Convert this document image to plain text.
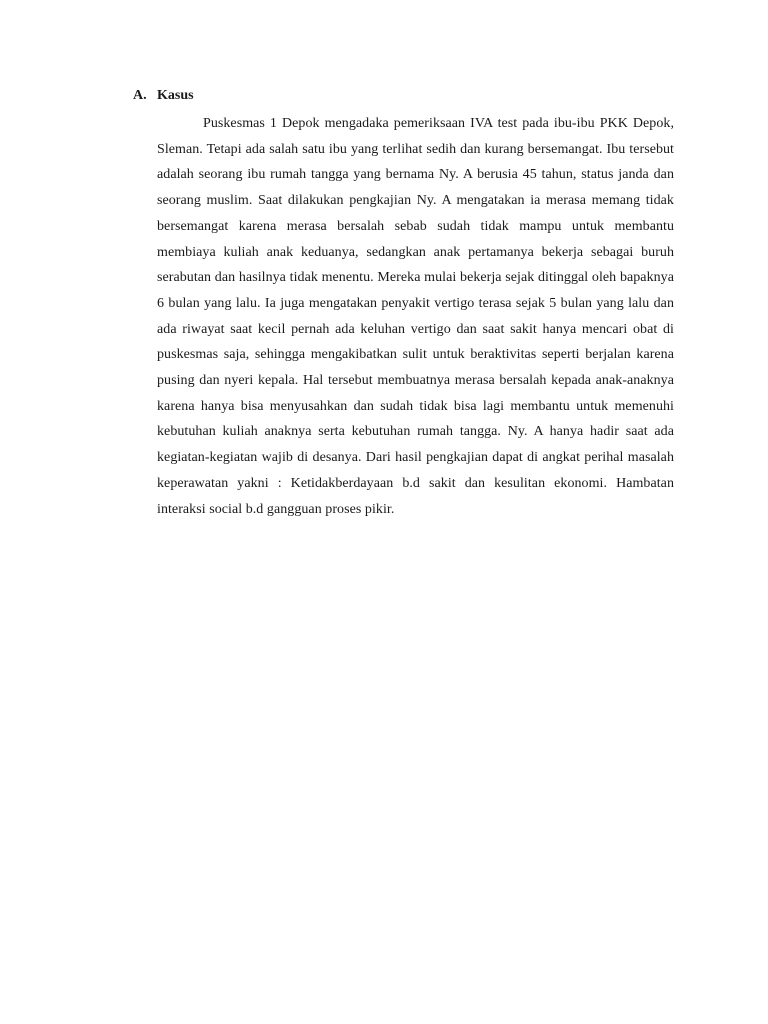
A. Kasus

Puskesmas 1 Depok mengadaka pemeriksaan IVA test pada ibu-ibu PKK Depok, Sleman. Tetapi ada salah satu ibu yang terlihat sedih dan kurang bersemangat. Ibu tersebut adalah seorang ibu rumah tangga yang bernama Ny. A berusia 45 tahun, status janda dan seorang muslim. Saat dilakukan pengkajian Ny. A mengatakan ia merasa memang tidak bersemangat karena merasa bersalah sebab sudah tidak mampu untuk membantu membiaya kuliah anak keduanya, sedangkan anak pertamanya bekerja sebagai buruh serabutan dan hasilnya tidak menentu. Mereka mulai bekerja sejak ditinggal oleh bapaknya 6 bulan yang lalu. Ia juga mengatakan penyakit vertigo terasa sejak 5 bulan yang lalu dan ada riwayat saat kecil pernah ada keluhan vertigo dan saat sakit hanya mencari obat di puskesmas saja, sehingga mengakibatkan sulit untuk beraktivitas seperti berjalan karena pusing dan nyeri kepala. Hal tersebut membuatnya merasa bersalah kepada anak-anaknya karena hanya bisa menyusahkan dan sudah tidak bisa lagi membantu untuk memenuhi kebutuhan kuliah anaknya serta kebutuhan rumah tangga. Ny. A hanya hadir saat ada kegiatan-kegiatan wajib di desanya. Dari hasil pengkajian dapat di angkat perihal masalah keperawatan yakni : Ketidakberdayaan b.d sakit dan kesulitan ekonomi. Hambatan interaksi social b.d gangguan proses pikir.
